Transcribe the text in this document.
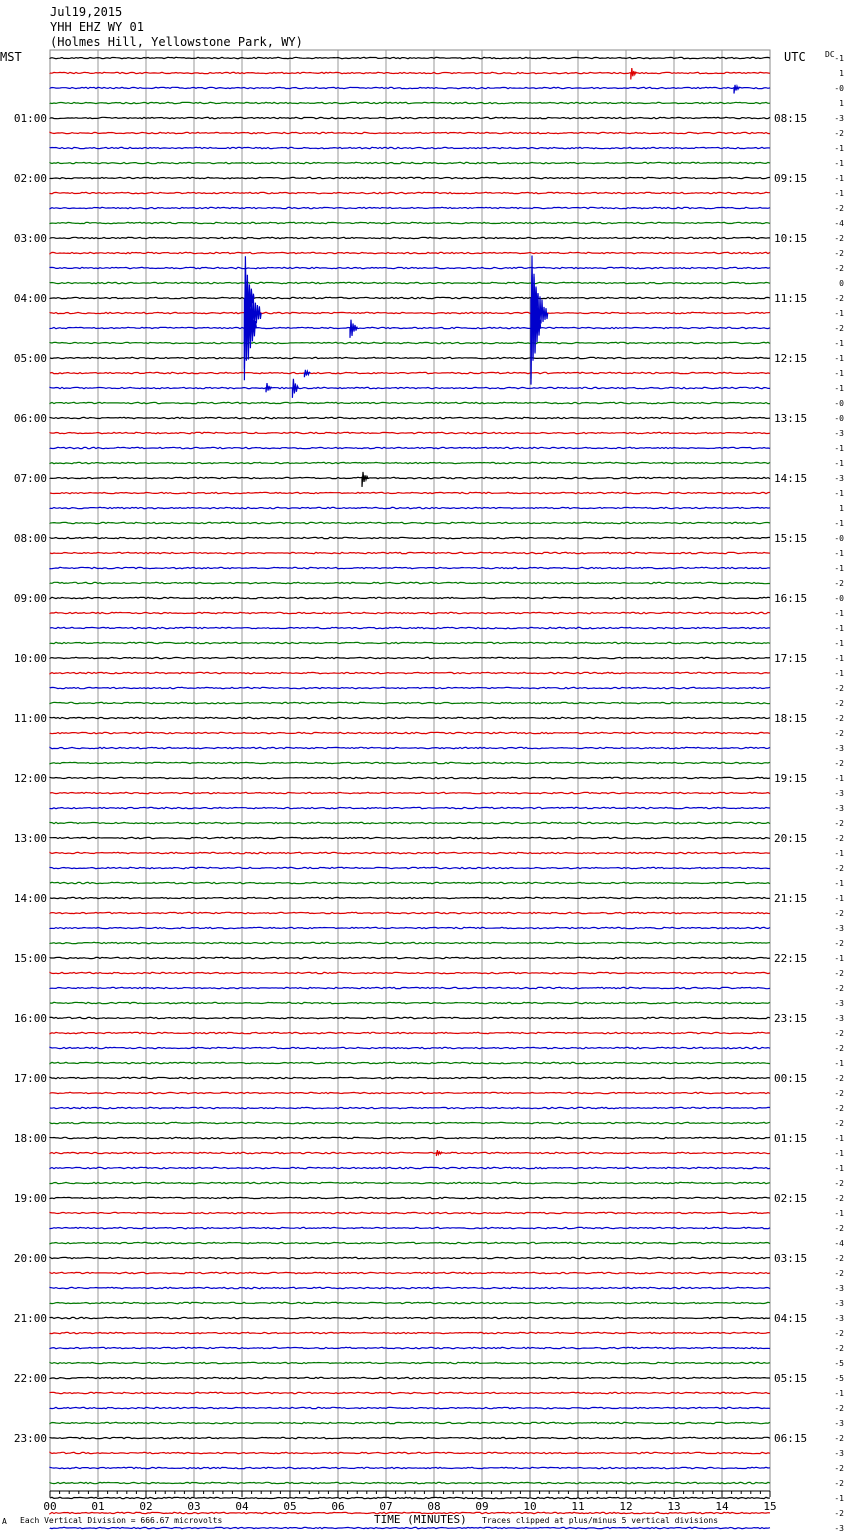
Jul19,2015
YHH EHZ WY 01
(Holmes Hill, Yellowstone Park, WY)
MST	UTC DC
01:00
02:00
03:00
04:00
05:00
06:00
07:00
08:00
09:00
10:00
11:00
12:00
13:00
14:00
15:00
16:00
17:00
18:00
19:00
20:00
21:00
22:00
23:00
08:15
09:15
10:15
11:15
12:15
13:15
14:15
15:15
16:15
17:15
18:15
19:15
20:15
21:15
22:15
23:15
00:15
01:15
02:15
03:15
04:15
05:15
06:15
-1
1
-0
1
-3
-2
-1
-1
-1
-1
-2
-4
-2
-2
-2
0
-2
-1
-2
-1
-1
-1
-1
-0
-0
-3
-1
-1
-3
-1
1
-1
-0
-1
-1
-2
-0
-1
-1
-1
-1
-1
-2
-2
-2
-2
-3
-2
-1
-3
-3
-2
-2
-1
-2
-1
-1
-2
-3
-2
-1
-2
-2
-3
-3
-2
-2
-1
-2
-2
-2
-2
-1
-1
-1
-2
-2
-1
-2
-4
-2
-2
-3
-3
-3
-2
-2
-5
-5
-1
-2
-3
-2
-3
-2
-2
-1
-2
-3
00	01	02	03	04	05	06	07	08	09	10	11	12	13	14	15
A Each Vertical Division = 666.67 microvolts	TIME (MINUTES) Traces clipped at plus/minus 5 vertical divisions
